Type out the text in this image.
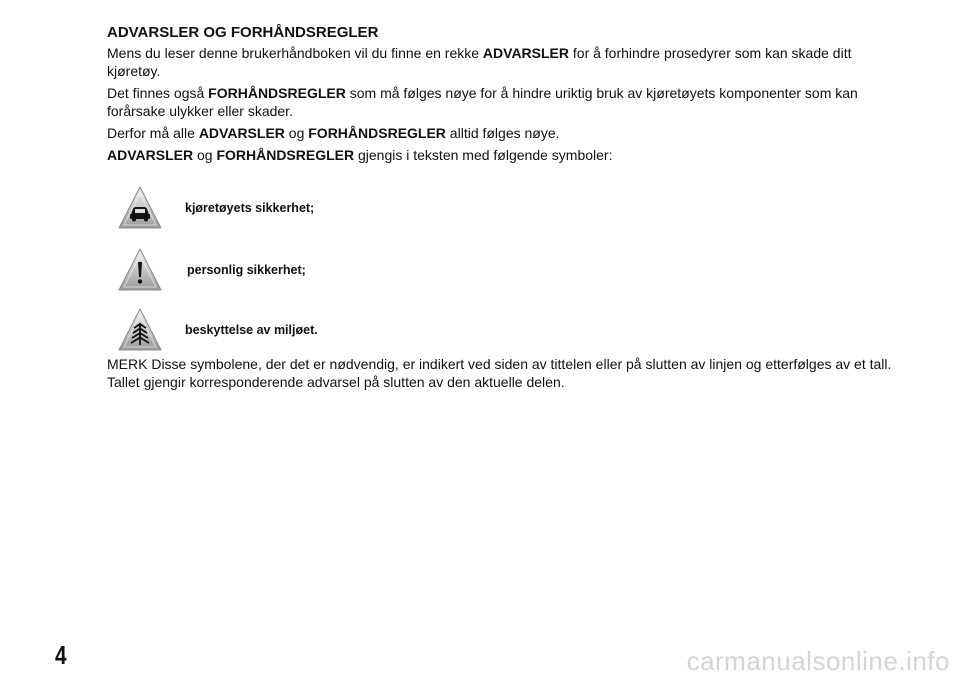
ADVARSLER OG FORHÅNDSREGLER
Mens du leser denne brukerhåndboken vil du finne en rekke ADVARSLER for å forhindre prosedyrer som kan skade ditt kjøretøy.
Det finnes også FORHÅNDSREGLER som må følges nøye for å hindre uriktig bruk av kjøretøyets komponenter som kan forårsake ulykker eller skader.
Derfor må alle ADVARSLER og FORHÅNDSREGLER alltid følges nøye.
ADVARSLER og FORHÅNDSREGLER gjengis i teksten med følgende symboler:
kjøretøyets sikkerhet;
personlig sikkerhet;
beskyttelse av miljøet.
MERK Disse symbolene, der det er nødvendig, er indikert ved siden av tittelen eller på slutten av linjen og etterfølges av et tall. Tallet gjengir korresponderende advarsel på slutten av den aktuelle delen.
4	carmanualsonline.info
